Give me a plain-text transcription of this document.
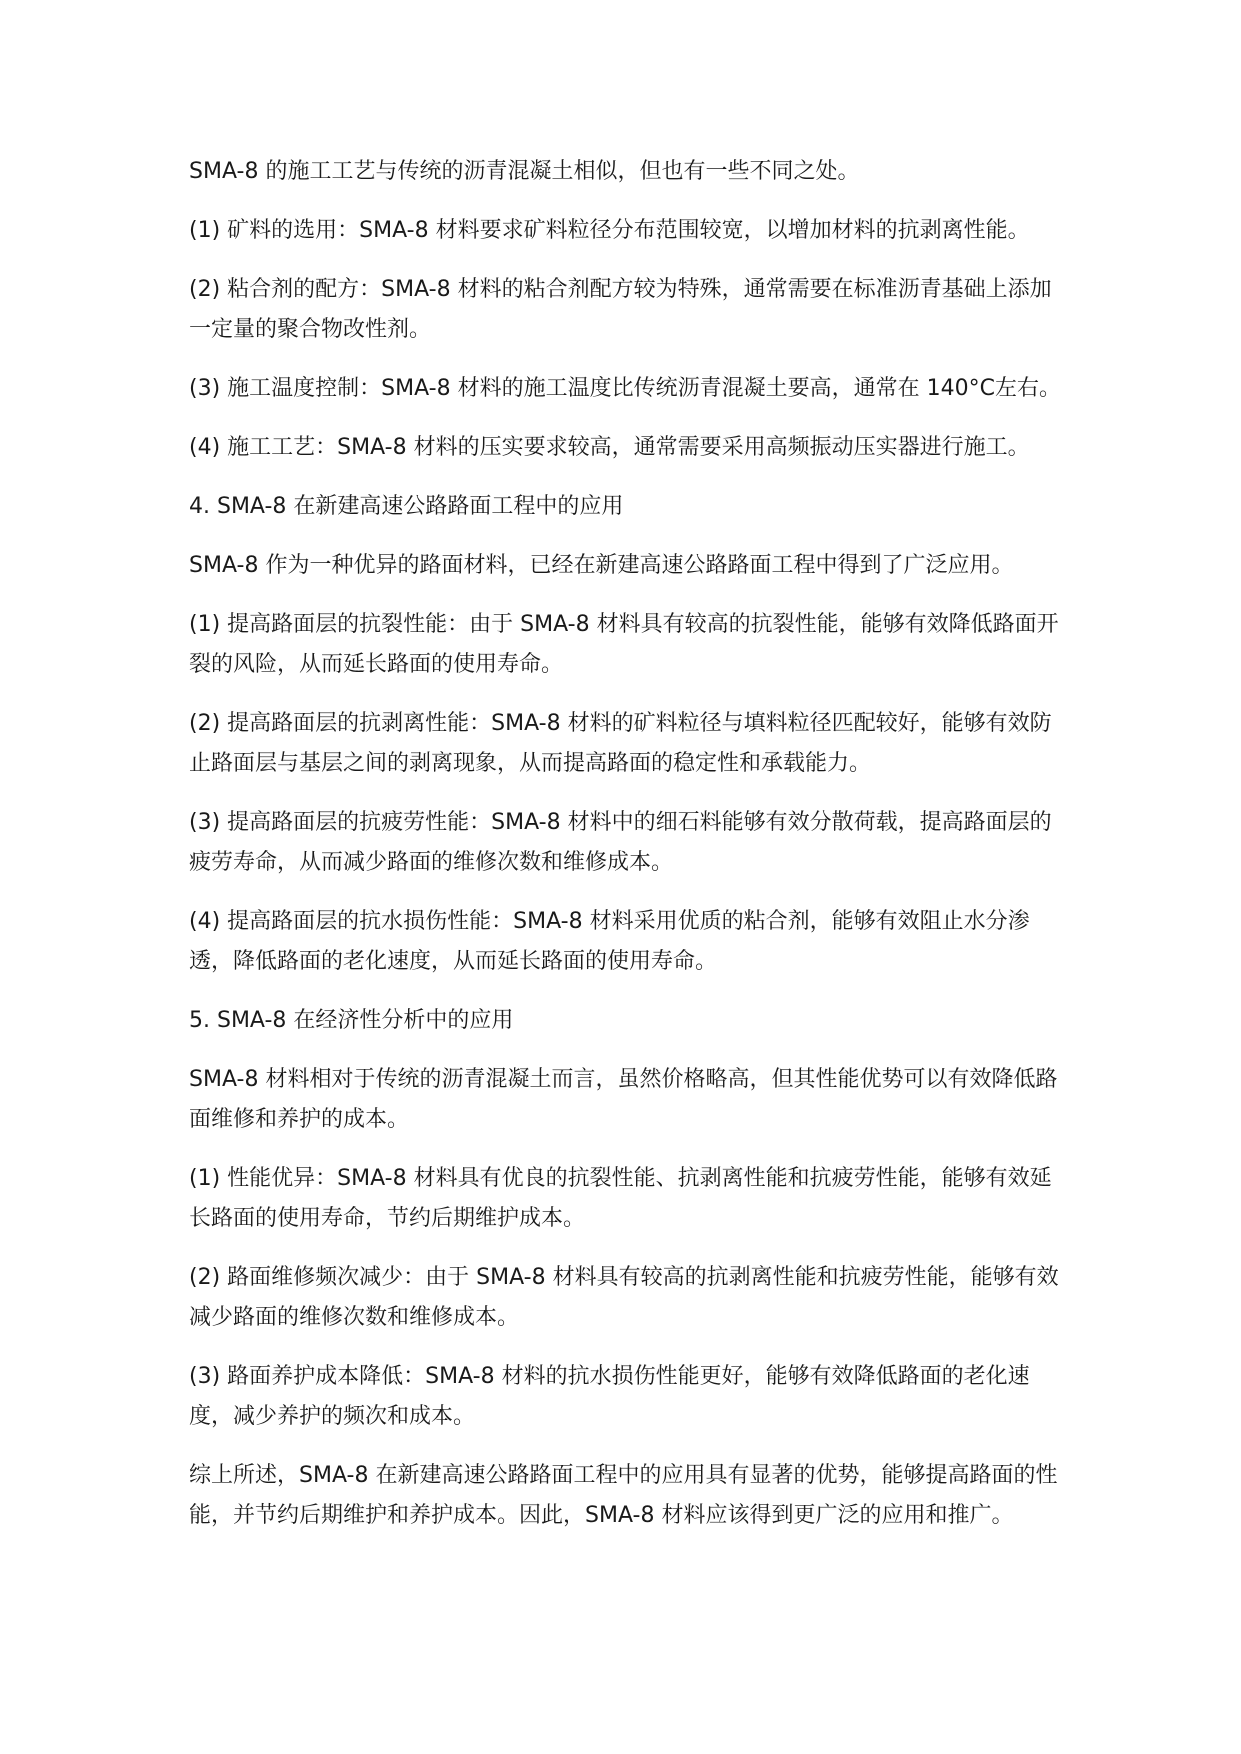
SMA-8 的施工工艺与传统的沥青混凝土相似，但也有一些不同之处。

(1) 矿料的选用：SMA-8 材料要求矿料粒径分布范围较宽，以增加材料的抗剥离性能。

(2) 粘合剂的配方：SMA-8 材料的粘合剂配方较为特殊，通常需要在标准沥青基础上添加一定量的聚合物改性剂。

(3) 施工温度控制：SMA-8 材料的施工温度比传统沥青混凝土要高，通常在 140°C左右。

(4) 施工工艺：SMA-8 材料的压实要求较高，通常需要采用高频振动压实器进行施工。

4. SMA-8 在新建高速公路路面工程中的应用

SMA-8 作为一种优异的路面材料，已经在新建高速公路路面工程中得到了广泛应用。

(1) 提高路面层的抗裂性能：由于 SMA-8 材料具有较高的抗裂性能，能够有效降低路面开裂的风险，从而延长路面的使用寿命。

(2) 提高路面层的抗剥离性能：SMA-8 材料的矿料粒径与填料粒径匹配较好，能够有效防止路面层与基层之间的剥离现象，从而提高路面的稳定性和承载能力。

(3) 提高路面层的抗疲劳性能：SMA-8 材料中的细石料能够有效分散荷载，提高路面层的疲劳寿命，从而减少路面的维修次数和维修成本。

(4) 提高路面层的抗水损伤性能：SMA-8 材料采用优质的粘合剂，能够有效阻止水分渗透，降低路面的老化速度，从而延长路面的使用寿命。

5. SMA-8 在经济性分析中的应用

SMA-8 材料相对于传统的沥青混凝土而言，虽然价格略高，但其性能优势可以有效降低路面维修和养护的成本。

(1) 性能优异：SMA-8 材料具有优良的抗裂性能、抗剥离性能和抗疲劳性能，能够有效延长路面的使用寿命，节约后期维护成本。

(2) 路面维修频次减少：由于 SMA-8 材料具有较高的抗剥离性能和抗疲劳性能，能够有效减少路面的维修次数和维修成本。

(3) 路面养护成本降低：SMA-8 材料的抗水损伤性能更好，能够有效降低路面的老化速度，减少养护的频次和成本。

综上所述，SMA-8 在新建高速公路路面工程中的应用具有显著的优势，能够提高路面的性能，并节约后期维护和养护成本。因此，SMA-8 材料应该得到更广泛的应用和推广。
